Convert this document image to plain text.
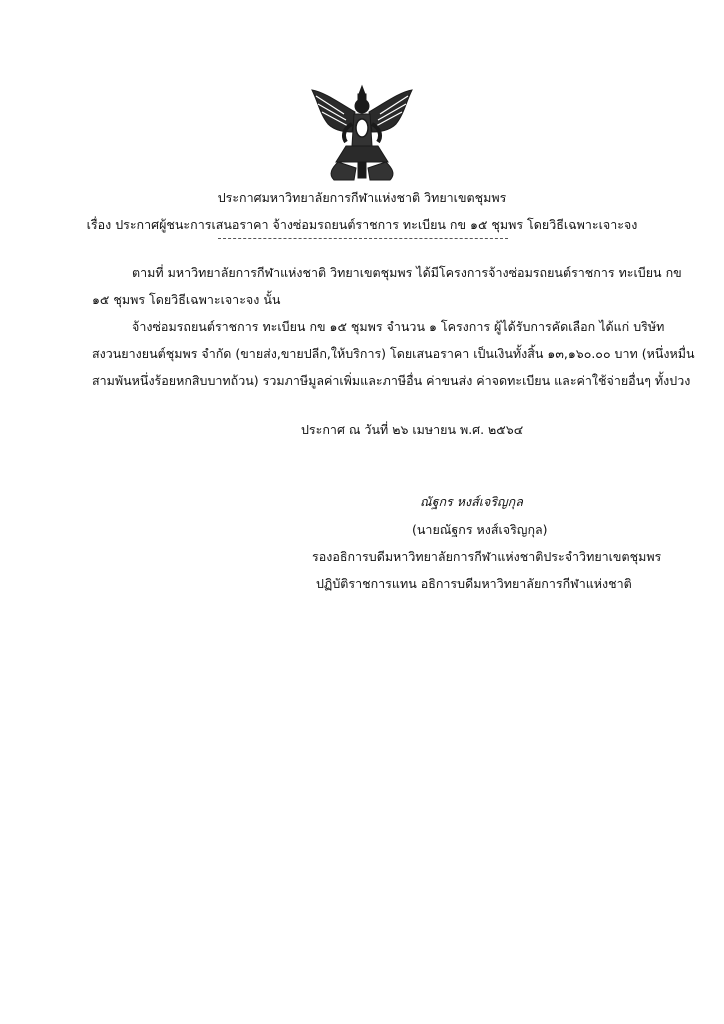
ประกาศมหาวิทยาลัยการกีฬาแห่งชาติ วิทยาเขตชุมพร
เรื่อง ประกาศผู้ชนะการเสนอราคา จ้างซ่อมรถยนต์ราชการ ทะเบียน กข ๑๕ ชุมพร โดยวิธีเฉพาะเจาะจง
ตามที่ มหาวิทยาลัยการกีฬาแห่งชาติ วิทยาเขตชุมพร ได้มีโครงการจ้างซ่อมรถยนต์ราชการ ทะเบียน กข
๑๕ ชุมพร โดยวิธีเฉพาะเจาะจง นั้น
จ้างซ่อมรถยนต์ราชการ ทะเบียน กข ๑๕ ชุมพร จำนวน ๑ โครงการ ผู้ได้รับการคัดเลือก ได้แก่ บริษัท
สงวนยางยนต์ชุมพร จำกัด (ขายส่ง,ขายปลีก,ให้บริการ) โดยเสนอราคา เป็นเงินทั้งสิ้น ๑๓,๑๖๐.๐๐ บาท (หนึ่งหมื่น
สามพันหนึ่งร้อยหกสิบบาทถ้วน) รวมภาษีมูลค่าเพิ่มและภาษีอื่น ค่าขนส่ง ค่าจดทะเบียน และค่าใช้จ่ายอื่นๆ ทั้งปวง
ประกาศ ณ วันที่ ๒๖ เมษายน พ.ศ. ๒๕๖๔
ณัฐกร หงส์เจริญกุล
(นายณัฐกร หงส์เจริญกุล)
รองอธิการบดีมหาวิทยาลัยการกีฬาแห่งชาติประจำวิทยาเขตชุมพร
ปฏิบัติราชการแทน อธิการบดีมหาวิทยาลัยการกีฬาแห่งชาติ
